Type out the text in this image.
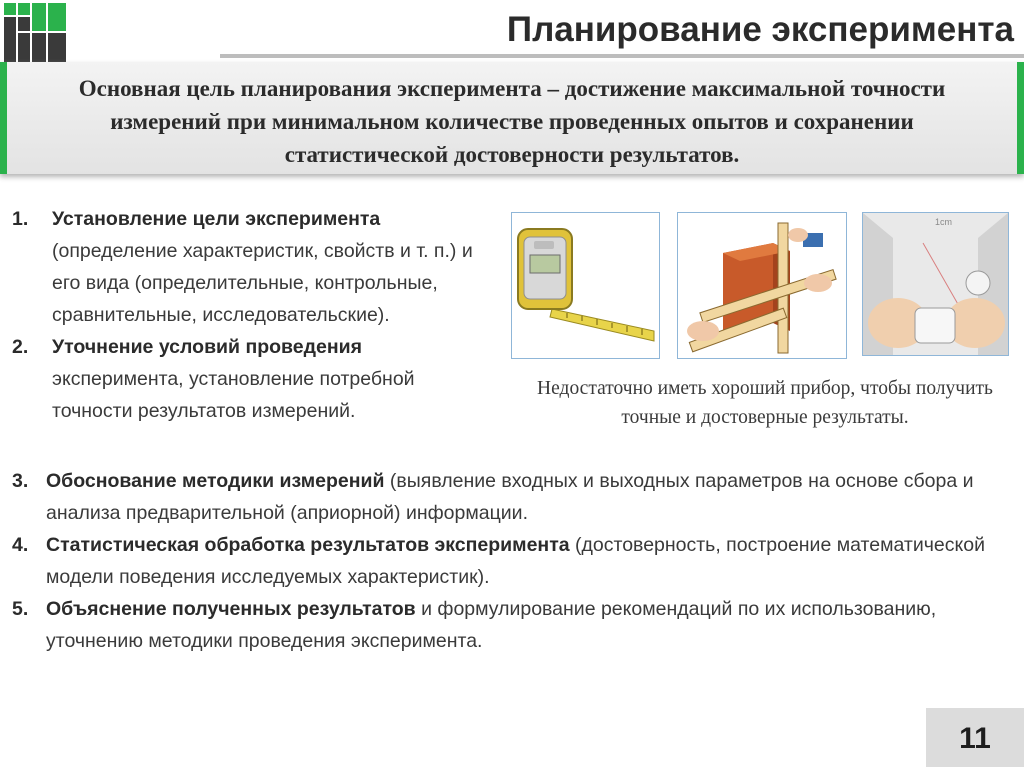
Планирование эксперимента
Основная цель планирования эксперимента – достижение максимальной точности измерений при минимальном количестве проведенных опытов и сохранении статистической достоверности результатов.
1. Установление цели эксперимента (определение характеристик, свойств и т. п.) и его вида (определительные, контрольные, сравнительные, исследовательские).
2. Уточнение условий проведения эксперимента, установление потребной точности результатов измерений.
1cm
Недостаточно иметь хороший прибор, чтобы получить точные и достоверные результаты.
3. Обоснование методики измерений (выявление входных и выходных параметров на основе сбора и анализа предварительной (априорной) информации.
4. Статистическая обработка результатов эксперимента (достоверность, построение математической модели поведения исследуемых характеристик).
5. Объяснение полученных результатов и формулирование рекомендаций по их использованию, уточнению методики проведения эксперимента.
11
